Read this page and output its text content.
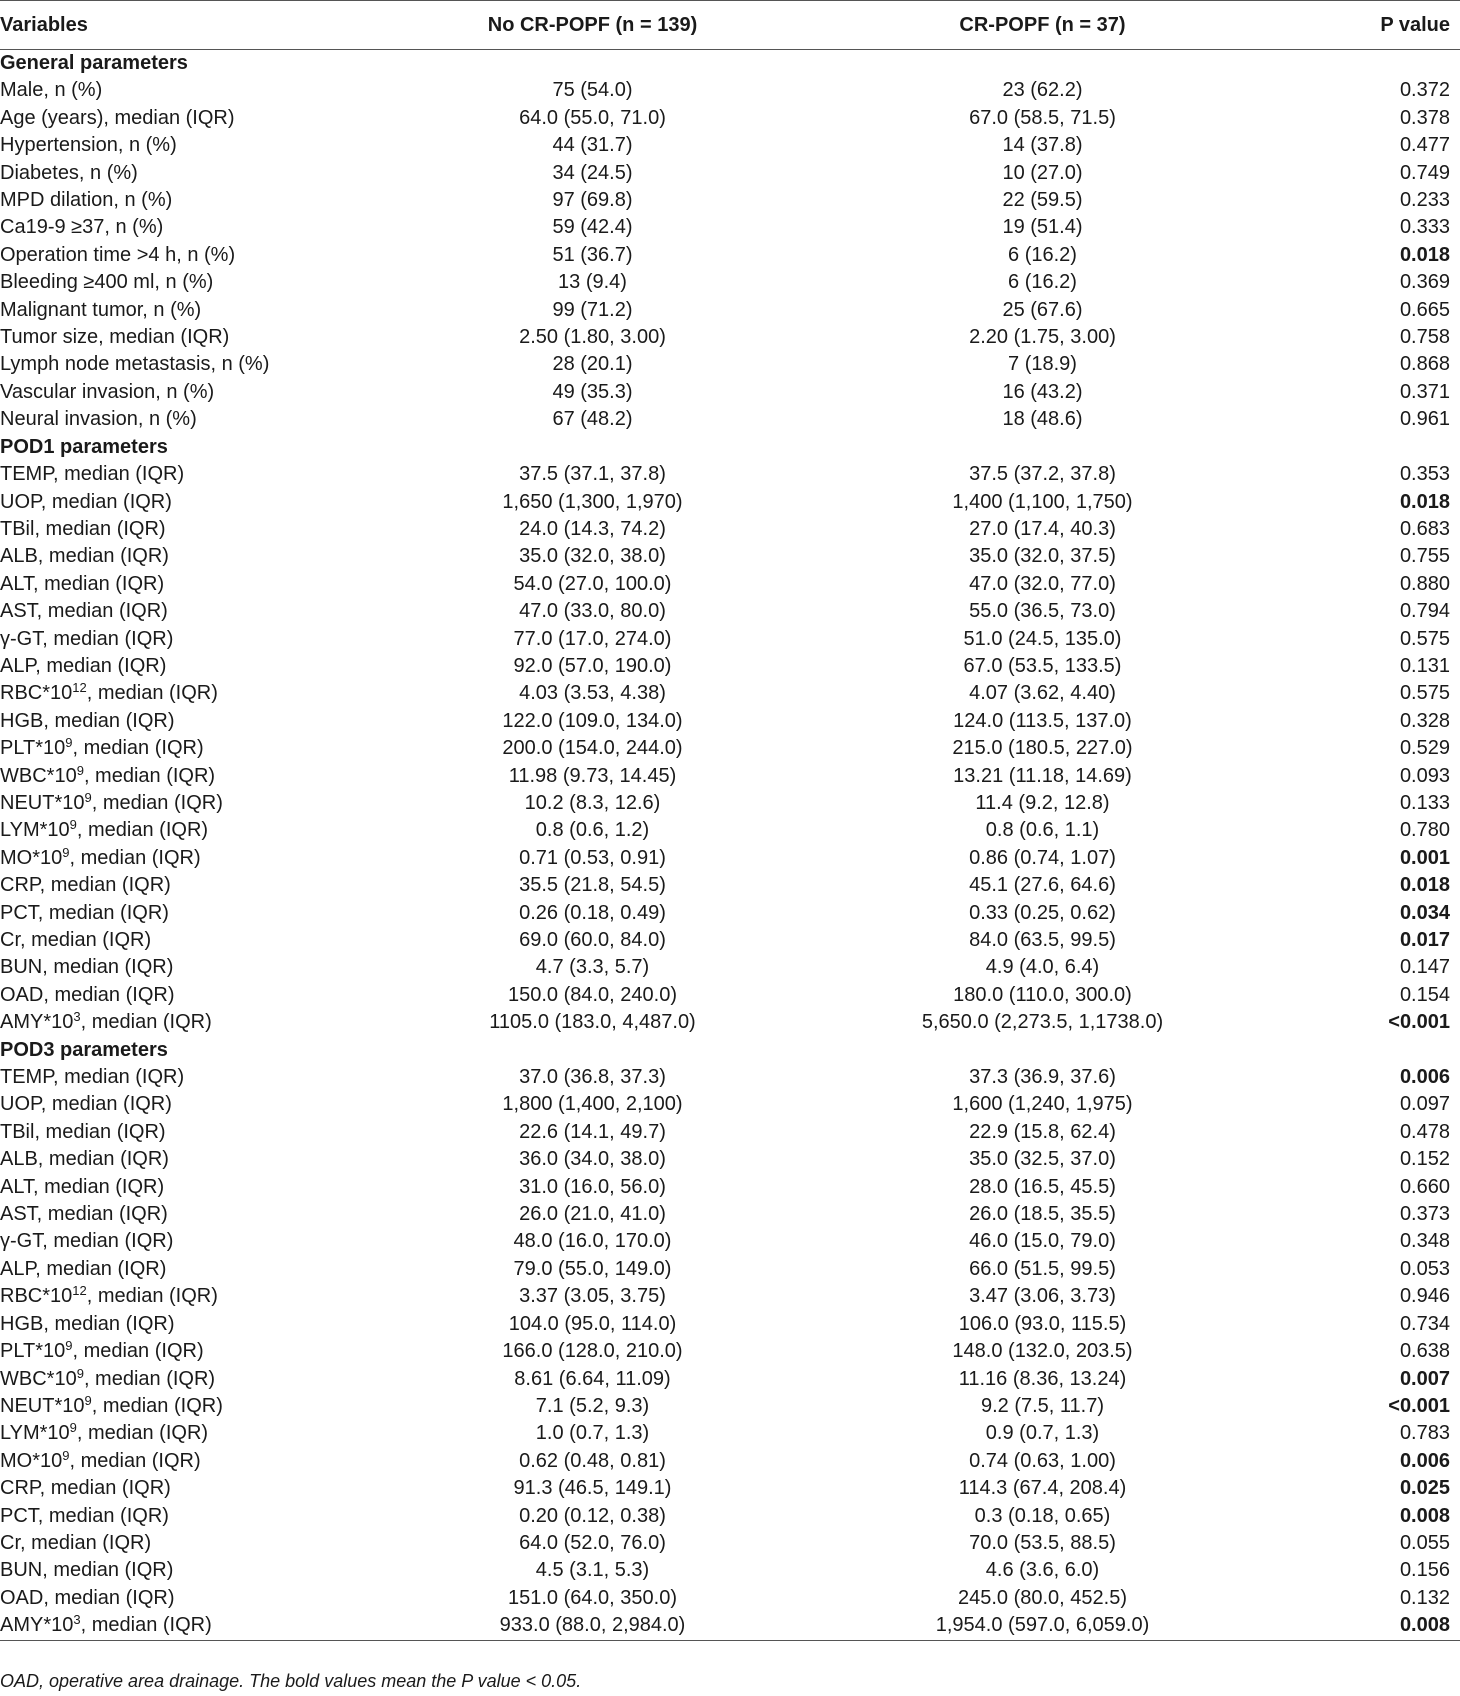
Variables	No CR-POPF (n = 139)	CR-POPF (n = 37)	P value
General parameters			
Male, n (%)	75 (54.0)	23 (62.2)	0.372
Age (years), median (IQR)	64.0 (55.0, 71.0)	67.0 (58.5, 71.5)	0.378
Hypertension, n (%)	44 (31.7)	14 (37.8)	0.477
Diabetes, n (%)	34 (24.5)	10 (27.0)	0.749
MPD dilation, n (%)	97 (69.8)	22 (59.5)	0.233
Ca19-9 ≥37, n (%)	59 (42.4)	19 (51.4)	0.333
Operation time >4 h, n (%)	51 (36.7)	6 (16.2)	0.018
Bleeding ≥400 ml, n (%)	13 (9.4)	6 (16.2)	0.369
Malignant tumor, n (%)	99 (71.2)	25 (67.6)	0.665
Tumor size, median (IQR)	2.50 (1.80, 3.00)	2.20 (1.75, 3.00)	0.758
Lymph node metastasis, n (%)	28 (20.1)	7 (18.9)	0.868
Vascular invasion, n (%)	49 (35.3)	16 (43.2)	0.371
Neural invasion, n (%)	67 (48.2)	18 (48.6)	0.961
POD1 parameters			
TEMP, median (IQR)	37.5 (37.1, 37.8)	37.5 (37.2, 37.8)	0.353
UOP, median (IQR)	1,650 (1,300, 1,970)	1,400 (1,100, 1,750)	0.018
TBil, median (IQR)	24.0 (14.3, 74.2)	27.0 (17.4, 40.3)	0.683
ALB, median (IQR)	35.0 (32.0, 38.0)	35.0 (32.0, 37.5)	0.755
ALT, median (IQR)	54.0 (27.0, 100.0)	47.0 (32.0, 77.0)	0.880
AST, median (IQR)	47.0 (33.0, 80.0)	55.0 (36.5, 73.0)	0.794
γ-GT, median (IQR)	77.0 (17.0, 274.0)	51.0 (24.5, 135.0)	0.575
ALP, median (IQR)	92.0 (57.0, 190.0)	67.0 (53.5, 133.5)	0.131
$RBC*10^{12}$, median (IQR)	4.03 (3.53, 4.38)	4.07 (3.62, 4.40)	0.575
HGB, median (IQR)	122.0 (109.0, 134.0)	124.0 (113.5, 137.0)	0.328
$PLT*10^9$, median (IQR)	200.0 (154.0, 244.0)	215.0 (180.5, 227.0)	0.529
$WBC*10^9$, median (IQR)	11.98 (9.73, 14.45)	13.21 (11.18, 14.69)	0.093
$NEUT*10^9$, median (IQR)	10.2 (8.3, 12.6)	11.4 (9.2, 12.8)	0.133
$LYM*10^9$, median (IQR)	0.8 (0.6, 1.2)	0.8 (0.6, 1.1)	0.780
$MO*10^9$, median (IQR)	0.71 (0.53, 0.91)	0.86 (0.74, 1.07)	0.001
CRP, median (IQR)	35.5 (21.8, 54.5)	45.1 (27.6, 64.6)	0.018
PCT, median (IQR)	0.26 (0.18, 0.49)	0.33 (0.25, 0.62)	0.034
Cr, median (IQR)	69.0 (60.0, 84.0)	84.0 (63.5, 99.5)	0.017
BUN, median (IQR)	4.7 (3.3, 5.7)	4.9 (4.0, 6.4)	0.147
OAD, median (IQR)	150.0 (84.0, 240.0)	180.0 (110.0, 300.0)	0.154
$AMY*10^3$, median (IQR)	1105.0 (183.0, 4,487.0)	5,650.0 (2,273.5, 1,1738.0)	<0.001
POD3 parameters			
TEMP, median (IQR)	37.0 (36.8, 37.3)	37.3 (36.9, 37.6)	0.006
UOP, median (IQR)	1,800 (1,400, 2,100)	1,600 (1,240, 1,975)	0.097
TBil, median (IQR)	22.6 (14.1, 49.7)	22.9 (15.8, 62.4)	0.478
ALB, median (IQR)	36.0 (34.0, 38.0)	35.0 (32.5, 37.0)	0.152
ALT, median (IQR)	31.0 (16.0, 56.0)	28.0 (16.5, 45.5)	0.660
AST, median (IQR)	26.0 (21.0, 41.0)	26.0 (18.5, 35.5)	0.373
γ-GT, median (IQR)	48.0 (16.0, 170.0)	46.0 (15.0, 79.0)	0.348
ALP, median (IQR)	79.0 (55.0, 149.0)	66.0 (51.5, 99.5)	0.053
$RBC*10^{12}$, median (IQR)	3.37 (3.05, 3.75)	3.47 (3.06, 3.73)	0.946
HGB, median (IQR)	104.0 (95.0, 114.0)	106.0 (93.0, 115.5)	0.734
$PLT*10^9$, median (IQR)	166.0 (128.0, 210.0)	148.0 (132.0, 203.5)	0.638
$WBC*10^9$, median (IQR)	8.61 (6.64, 11.09)	11.16 (8.36, 13.24)	0.007
$NEUT*10^9$, median (IQR)	7.1 (5.2, 9.3)	9.2 (7.5, 11.7)	<0.001
$LYM*10^9$, median (IQR)	1.0 (0.7, 1.3)	0.9 (0.7, 1.3)	0.783
$MO*10^9$, median (IQR)	0.62 (0.48, 0.81)	0.74 (0.63, 1.00)	0.006
CRP, median (IQR)	91.3 (46.5, 149.1)	114.3 (67.4, 208.4)	0.025
PCT, median (IQR)	0.20 (0.12, 0.38)	0.3 (0.18, 0.65)	0.008
Cr, median (IQR)	64.0 (52.0, 76.0)	70.0 (53.5, 88.5)	0.055
BUN, median (IQR)	4.5 (3.1, 5.3)	4.6 (3.6, 6.0)	0.156
OAD, median (IQR)	151.0 (64.0, 350.0)	245.0 (80.0, 452.5)	0.132
$AMY*10^3$, median (IQR)	933.0 (88.0, 2,984.0)	1,954.0 (597.0, 6,059.0)	0.008
OAD, operative area drainage. The bold values mean the P value < 0.05.
